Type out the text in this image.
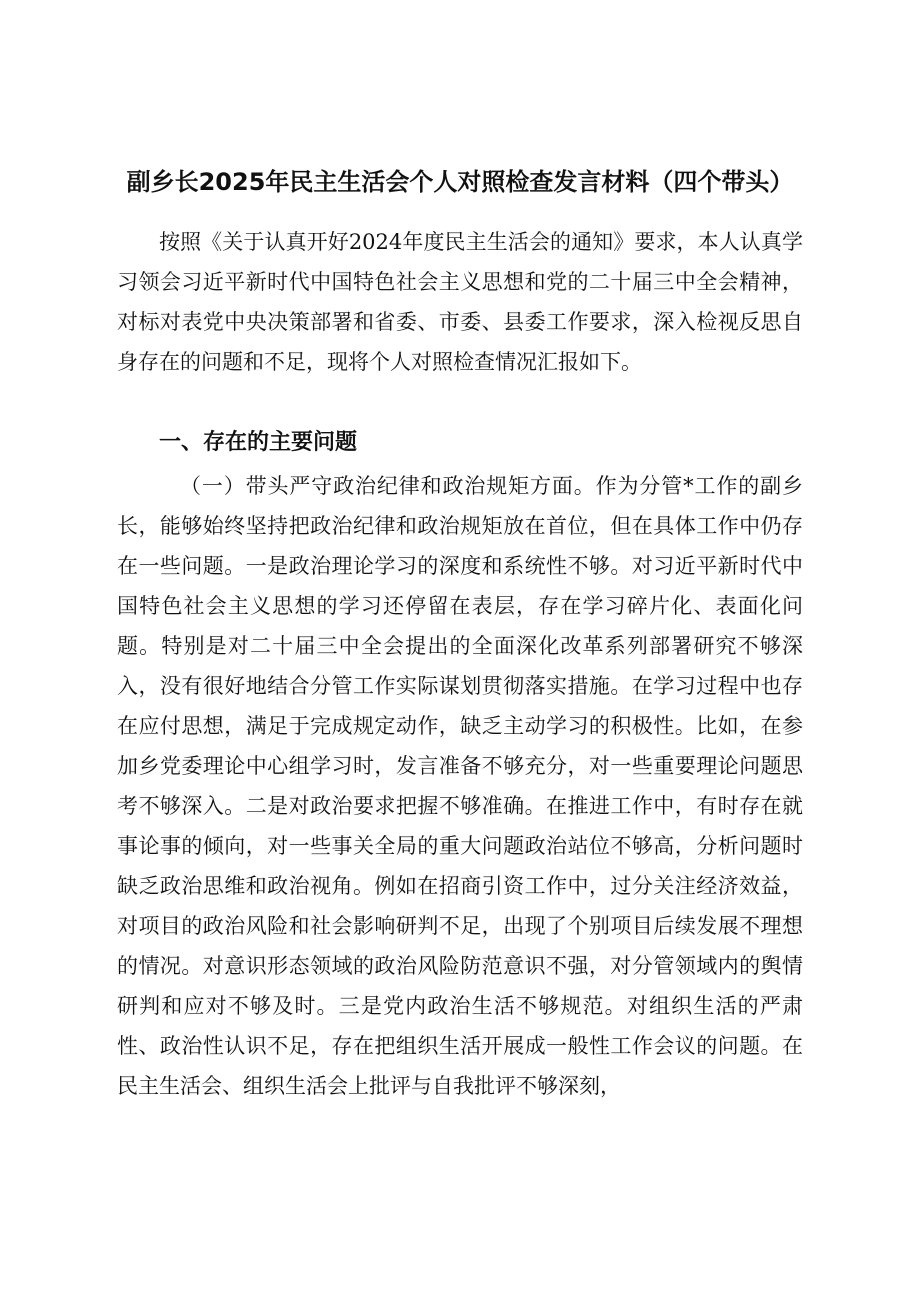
副乡长2025年民主生活会个人对照检查发言材料（四个带头）

按照《关于认真开好2024年度民主生活会的通知》要求，本人认真学习领会习近平新时代中国特色社会主义思想和党的二十届三中全会精神，对标对表党中央决策部署和省委、市委、县委工作要求，深入检视反思自身存在的问题和不足，现将个人对照检查情况汇报如下。

一、存在的主要问题

（一）带头严守政治纪律和政治规矩方面。作为分管*工作的副乡长，能够始终坚持把政治纪律和政治规矩放在首位，但在具体工作中仍存在一些问题。一是政治理论学习的深度和系统性不够。对习近平新时代中国特色社会主义思想的学习还停留在表层，存在学习碎片化、表面化问题。特别是对二十届三中全会提出的全面深化改革系列部署研究不够深入，没有很好地结合分管工作实际谋划贯彻落实措施。在学习过程中也存在应付思想，满足于完成规定动作，缺乏主动学习的积极性。比如，在参加乡党委理论中心组学习时，发言准备不够充分，对一些重要理论问题思考不够深入。二是对政治要求把握不够准确。在推进工作中，有时存在就事论事的倾向，对一些事关全局的重大问题政治站位不够高，分析问题时缺乏政治思维和政治视角。例如在招商引资工作中，过分关注经济效益，对项目的政治风险和社会影响研判不足，出现了个别项目后续发展不理想的情况。对意识形态领域的政治风险防范意识不强，对分管领域内的舆情研判和应对不够及时。三是党内政治生活不够规范。对组织生活的严肃性、政治性认识不足，存在把组织生活开展成一般性工作会议的问题。在民主生活会、组织生活会上批评与自我批评不够深刻，
